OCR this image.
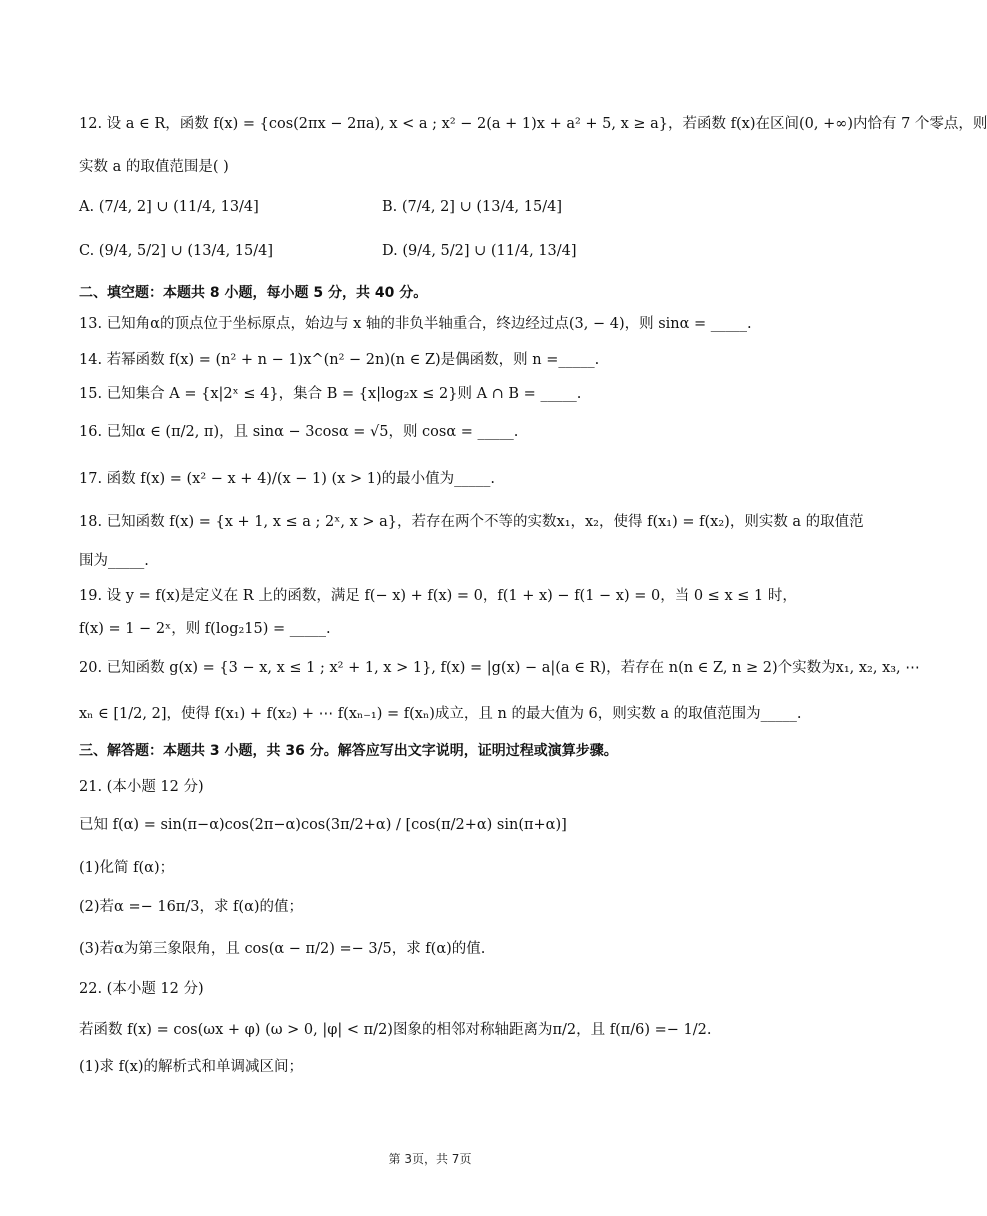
12. 设 a ∈ R，函数 f(x) = {cos(2πx − 2πa), x < a ; x² − 2(a + 1)x + a² + 5, x ≥ a}，若函数 f(x)在区间(0, +∞)内恰有 7 个零点，则
实数 a 的取值范围是( )
A. (7/4, 2] ∪ (11/4, 13/4]	B. (7/4, 2] ∪ (13/4, 15/4]
C. (9/4, 5/2] ∪ (13/4, 15/4]	D. (9/4, 5/2] ∪ (11/4, 13/4]
二、填空题：本题共 8 小题，每小题 5 分，共 40 分。
13. 已知角α的顶点位于坐标原点，始边与 x 轴的非负半轴重合，终边经过点(3, − 4)，则 sinα = _____.
14. 若幂函数 f(x) = (n² + n − 1)x^(n² − 2n)(n ∈ Z)是偶函数，则 n =_____.
15. 已知集合 A = {x|2ˣ ≤ 4}，集合 B = {x|log₂x ≤ 2}则 A ∩ B = _____.
16. 已知α ∈ (π/2, π)，且 sinα − 3cosα = √5，则 cosα = _____.
17. 函数 f(x) = (x² − x + 4)/(x − 1) (x > 1)的最小值为_____.
18. 已知函数 f(x) = {x + 1, x ≤ a ; 2ˣ, x > a}，若存在两个不等的实数x₁，x₂，使得 f(x₁) = f(x₂)，则实数 a 的取值范
围为_____.
19. 设 y = f(x)是定义在 R 上的函数，满足 f(− x) + f(x) = 0，f(1 + x) − f(1 − x) = 0，当 0 ≤ x ≤ 1 时，
f(x) = 1 − 2ˣ，则 f(log₂15) = _____.
20. 已知函数 g(x) = {3 − x, x ≤ 1 ; x² + 1, x > 1}, f(x) = |g(x) − a|(a ∈ R)，若存在 n(n ∈ Z, n ≥ 2)个实数为x₁, x₂, x₃, ⋯
xₙ ∈ [1/2, 2]，使得 f(x₁) + f(x₂) + ⋯ f(xₙ₋₁) = f(xₙ)成立，且 n 的最大值为 6，则实数 a 的取值范围为_____.
三、解答题：本题共 3 小题，共 36 分。解答应写出文字说明，证明过程或演算步骤。
21. (本小题 12 分)
已知 f(α) = sin(π−α)cos(2π−α)cos(3π/2+α) / [cos(π/2+α) sin(π+α)]
(1)化简 f(α)；
(2)若α =− 16π/3，求 f(α)的值；
(3)若α为第三象限角，且 cos(α − π/2) =− 3/5，求 f(α)的值.
22. (本小题 12 分)
若函数 f(x) = cos(ωx + φ) (ω > 0, |φ| < π/2)图象的相邻对称轴距离为π/2，且 f(π/6) =− 1/2.
(1)求 f(x)的解析式和单调减区间；
第 3页，共 7页
